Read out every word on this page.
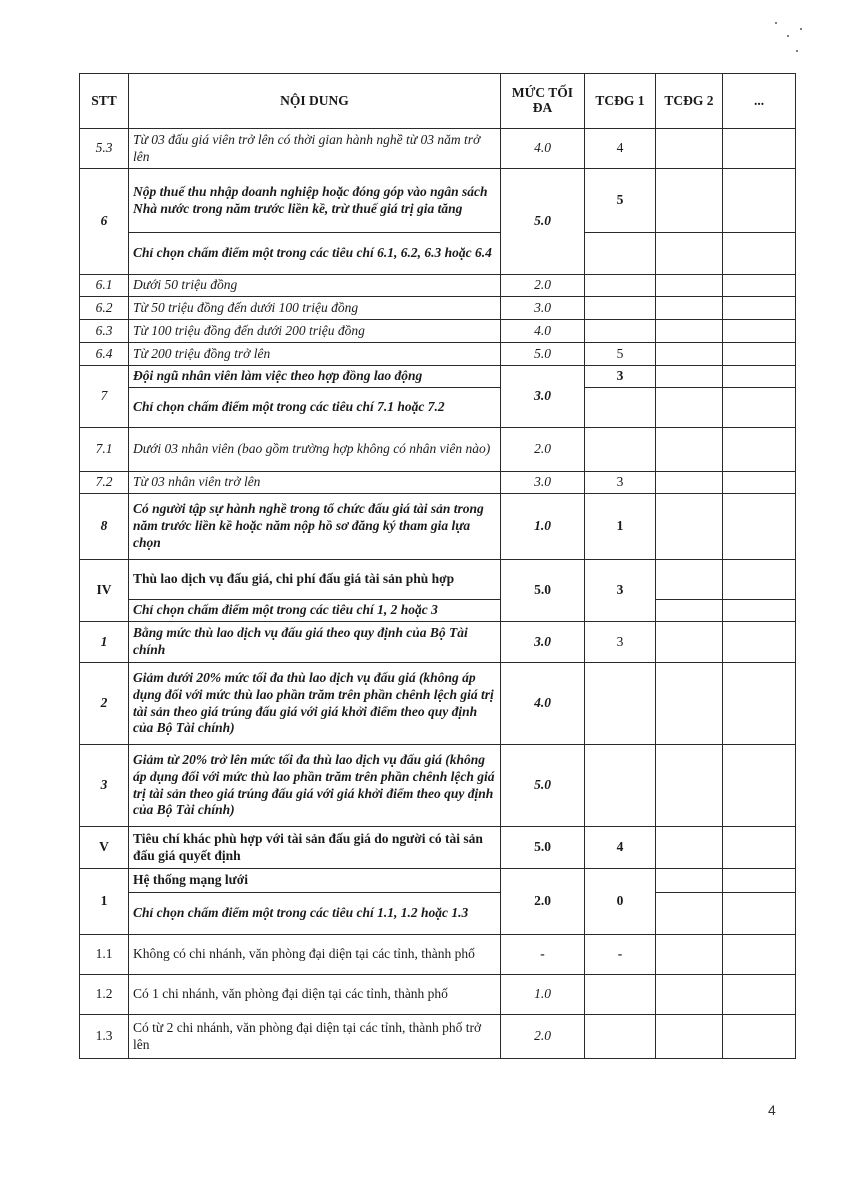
STT	NỘI DUNG	MỨC TỐI ĐA	TCĐG 1	TCĐG 2	...
5.3	Từ 03 đấu giá viên trở lên có thời gian hành nghề từ 03 năm trở lên	4.0	4		
6	Nộp thuế thu nhập doanh nghiệp hoặc đóng góp vào ngân sách Nhà nước trong năm trước liền kề, trừ thuế giá trị gia tăng	5.0	5		
	Chỉ chọn chấm điểm một trong các tiêu chí 6.1, 6.2, 6.3 hoặc 6.4				
6.1	Dưới 50 triệu đồng	2.0			
6.2	Từ 50 triệu đồng đến dưới 100 triệu đồng	3.0			
6.3	Từ 100 triệu đồng đến dưới 200 triệu đồng	4.0			
6.4	Từ 200 triệu đồng trở lên	5.0	5		
7	Đội ngũ nhân viên làm việc theo hợp đồng lao động	3.0	3		
	Chỉ chọn chấm điểm một trong các tiêu chí 7.1 hoặc 7.2				
7.1	Dưới 03 nhân viên (bao gồm trường hợp không có nhân viên nào)	2.0			
7.2	Từ 03 nhân viên trở lên	3.0	3		
8	Có người tập sự hành nghề trong tổ chức đấu giá tài sản trong năm trước liền kề hoặc năm nộp hồ sơ đăng ký tham gia lựa chọn	1.0	1		
IV	Thù lao dịch vụ đấu giá, chi phí đấu giá tài sản phù hợp	5.0	3		
	Chỉ chọn chấm điểm một trong các tiêu chí 1, 2 hoặc 3				
1	Bằng mức thù lao dịch vụ đấu giá theo quy định của Bộ Tài chính	3.0	3		
2	Giảm dưới 20% mức tối đa thù lao dịch vụ đấu giá (không áp dụng đối với mức thù lao phần trăm trên phần chênh lệch giá trị tài sản theo giá trúng đấu giá với giá khởi điểm theo quy định của Bộ Tài chính)	4.0			
3	Giảm từ 20% trở lên mức tối đa thù lao dịch vụ đấu giá (không áp dụng đối với mức thù lao phần trăm trên phần chênh lệch giá trị tài sản theo giá trúng đấu giá với giá khởi điểm theo quy định của Bộ Tài chính)	5.0			
V	Tiêu chí khác phù hợp với tài sản đấu giá do người có tài sản đấu giá quyết định	5.0	4		
1	Hệ thống mạng lưới	2.0	0		
	Chỉ chọn chấm điểm một trong các tiêu chí 1.1, 1.2 hoặc 1.3				
1.1	Không có chi nhánh, văn phòng đại diện tại các tỉnh, thành phố	-	-		
1.2	Có 1 chi nhánh, văn phòng đại diện tại các tỉnh, thành phố	1.0			
1.3	Có từ 2 chi nhánh, văn phòng đại diện tại các tỉnh, thành phố trở lên	2.0			
4
